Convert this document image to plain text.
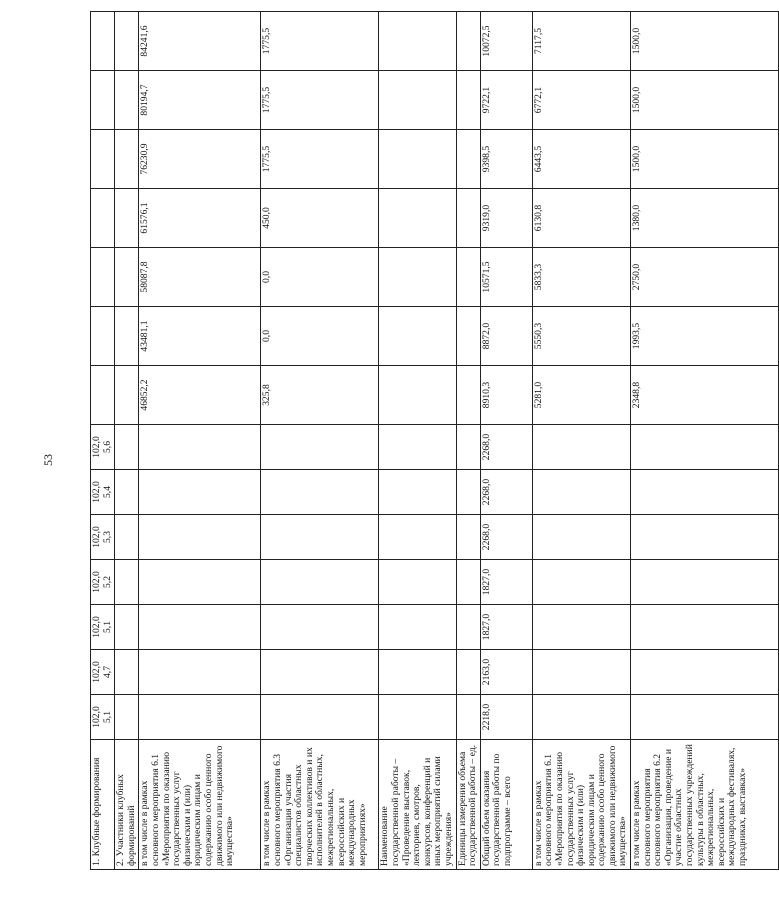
53
1. Клубные формирования	102,0 5,1	102,0 4,7	102,0 5,1	102,0 5,2	102,0 5,3	102,0 5,4	102,0 5,6							

2. Участники клубных формирований														
в том числе в рамках основного мероприятия 6.1 «Мероприятия по оказанию государственных услуг физическим и (или) юридическим лицам и содержанию особо ценного движимого или недвижимого имущества»								46852,2	43481,1	58087,8	61576,1	76230,9	80194,7	84241,6
в том числе в рамках основного мероприятия 6.3 «Организация участия специалистов областных творческих коллективов и их исполнителей в областных, межрегиональных, всероссийских и международных мероприятиях»								325,8	0,0	0,0	450,0	1775,5	1775,5	1775,5
Наименование государственной работы – «Проведение выставок, лекториев, смотров, конкурсов, конференций и иных мероприятий силами учреждения»														
Единицы измерения объема государственной работы – ед.														
Общий объем оказания государственной работы по подпрограмме – всего	2218,0	2163,0	1827,0	1827,0	2268,0	2268,0	2268,0	8910,3	8872,0	10571,5	9319,0	9398,5	9722,1	10072,5
в том числе в рамках основного мероприятия 6.1 «Мероприятия по оказанию государственных услуг физическим и (или) юридическим лицам и содержанию особо ценного движимого или недвижимого имущества»								5281,0	5550,3	5833,3	6130,8	6443,5	6772,1	7117,5
в том числе в рамках основного мероприятия основного мероприятия 6.2 «Организация, проведение и участие областных государственных учреждений культуры в областных, межрегиональных, всероссийских и международных фестивалях, праздниках, выставках»								2348,8	1993,5	2750,0	1380,0	1500,0	1500,0	1500,0
